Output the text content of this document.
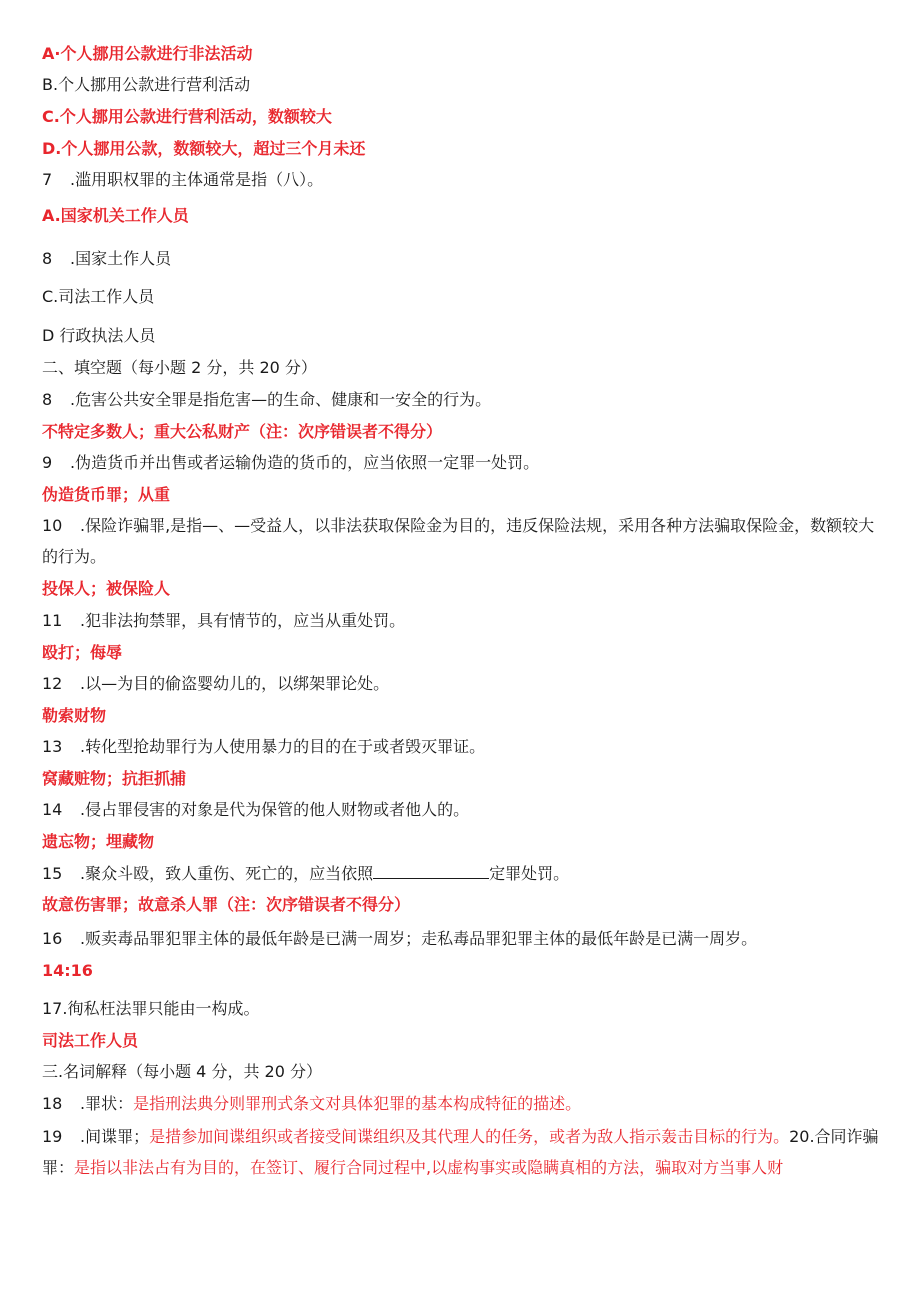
A·个人挪用公款进行非法活动
B.个人挪用公款进行营利活动
C.个人挪用公款进行营利活动，数额较大
D.个人挪用公款，数额较大，超过三个月未还
7 .滥用职权罪的主体通常是指（八）。
A.国家机关工作人员
8 .国家土作人员
C.司法工作人员
D 行政执法人员
二、填空题（每小题 2 分，共 20 分）
8 .危害公共安全罪是指危害—的生命、健康和一安全的行为。
不特定多数人；重大公私财产（注：次序错误者不得分）
9 .伪造货币并出售或者运输伪造的货币的，应当依照一定罪一处罚。
伪造货币罪；从重
10 .保险诈骗罪,是指—、—受益人，以非法获取保险金为目的，违反保险法规，采用各种方法骗取保险金，数额较大的行为。
投保人；被保险人
11 .犯非法拘禁罪，具有情节的，应当从重处罚。
殴打；侮辱
12 .以—为目的偷盗婴幼儿的，以绑架罪论处。
勒索财物
13 .转化型抢劫罪行为人使用暴力的目的在于或者毁灭罪证。
窝藏赃物；抗拒抓捕
14 .侵占罪侵害的对象是代为保管的他人财物或者他人的。
遗忘物；埋藏物
15 .聚众斗殴，致人重伤、死亡的，应当依照	定罪处罚。
故意伤害罪；故意杀人罪（注：次序错误者不得分）
16 .贩卖毒品罪犯罪主体的最低年龄是已满一周岁；走私毒品罪犯罪主体的最低年龄是已满一周岁。
14:16
17.徇私枉法罪只能由一构成。
司法工作人员
三.名词解释（每小题 4 分，共 20 分）
18 .罪状：是指刑法典分则罪刑式条文对具体犯罪的基本构成特征的描述。
19 .间谍罪；是措参加间谍组织或者接受间谍组织及其代理人的任务，或者为敌人指示轰击目标的行为。20.合同诈骗罪：是指以非法占有为目的，在签订、履行合同过程中,以虚构事实或隐瞒真相的方法，骗取对方当事人财
